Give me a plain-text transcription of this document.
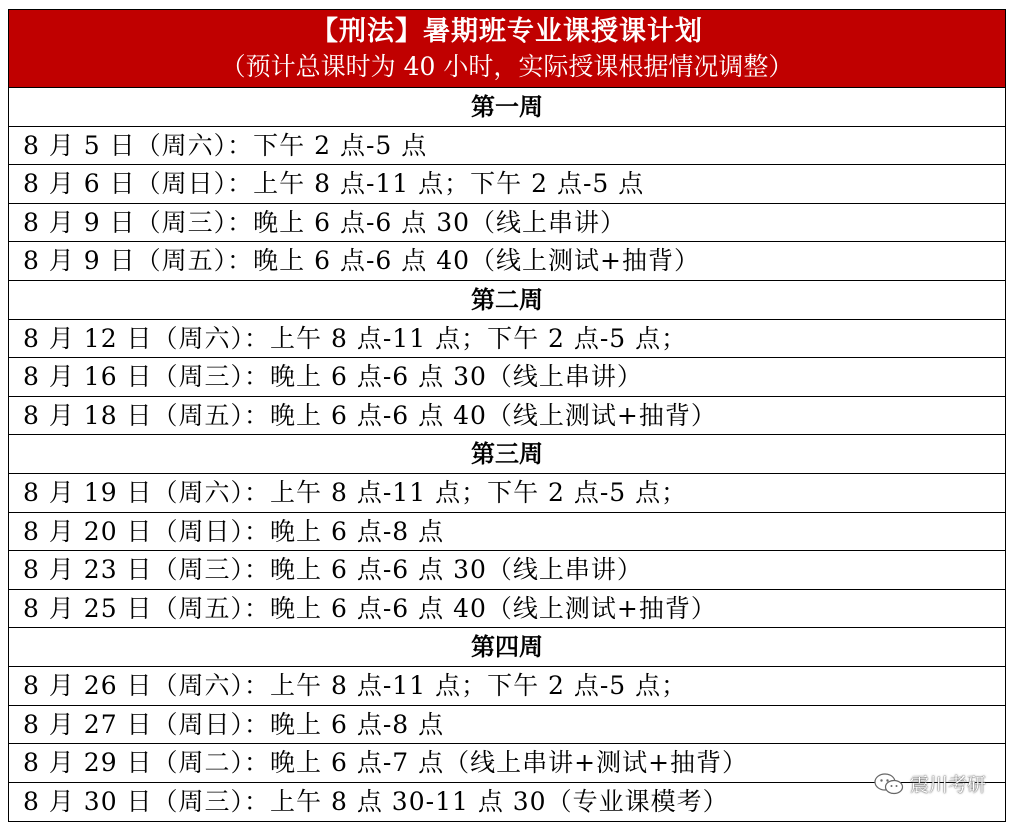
【刑法】暑期班专业课授课计划
（预计总课时为 40 小时，实际授课根据情况调整）
第一周
8 月 5 日（周六）：下午 2 点-5 点
8 月 6 日（周日）：上午 8 点-11 点；下午 2 点-5 点
8 月 9 日（周三）：晚上 6 点-6 点 30（线上串讲）
8 月 9 日（周五）：晚上 6 点-6 点 40（线上测试+抽背）
第二周
8 月 12 日（周六）：上午 8 点-11 点；下午 2 点-5 点；
8 月 16 日（周三）：晚上 6 点-6 点 30（线上串讲）
8 月 18 日（周五）：晚上 6 点-6 点 40（线上测试+抽背）
第三周
8 月 19 日（周六）：上午 8 点-11 点；下午 2 点-5 点；
8 月 20 日（周日）：晚上 6 点-8 点
8 月 23 日（周三）：晚上 6 点-6 点 30（线上串讲）
8 月 25 日（周五）：晚上 6 点-6 点 40（线上测试+抽背）
第四周
8 月 26 日（周六）：上午 8 点-11 点；下午 2 点-5 点；
8 月 27 日（周日）：晚上 6 点-8 点
8 月 29 日（周二）：晚上 6 点-7 点（线上串讲+测试+抽背）
8 月 30 日（周三）：上午 8 点 30-11 点 30（专业课模考）
震川考研
